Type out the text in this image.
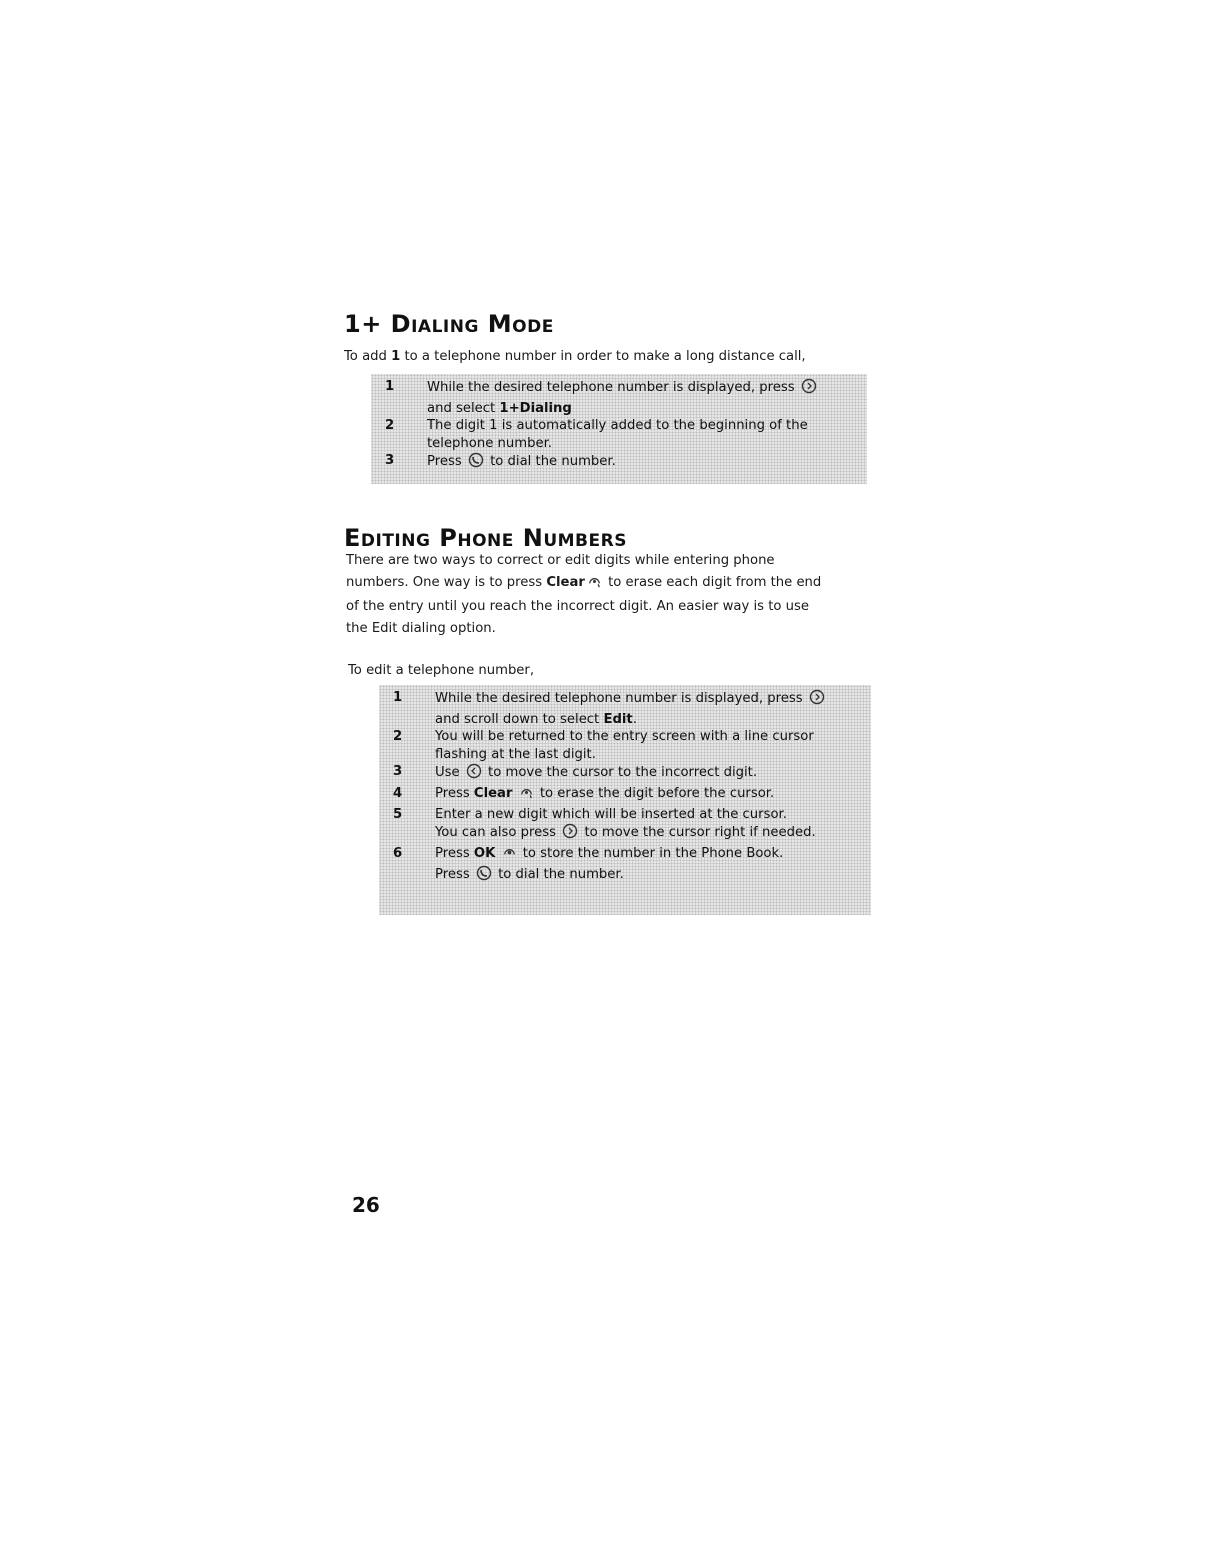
1+ Dialing Mode

To add 1 to a telephone number in order to make a long distance call,

1	While the desired telephone number is displayed, press
and select 1+Dialing
2	The digit 1 is automatically added to the beginning of the
telephone number.
3	Press to dial the number.
Editing Phone Numbers
There are two ways to correct or edit digits while entering phone
numbers. One way is to press Clear to erase each digit from the end
of the entry until you reach the incorrect digit. An easier way is to use
the Edit dialing option.

To edit a telephone number,

1	While the desired telephone number is displayed, press
and scroll down to select Edit.
2	You will be returned to the entry screen with a line cursor
flashing at the last digit.
3	Use to move the cursor to the incorrect digit.
4	Press Clear to erase the digit before the cursor.
5	Enter a new digit which will be inserted at the cursor.
You can also press to move the cursor right if needed.
6	Press OK to store the number in the Phone Book.
Press to dial the number.
26
